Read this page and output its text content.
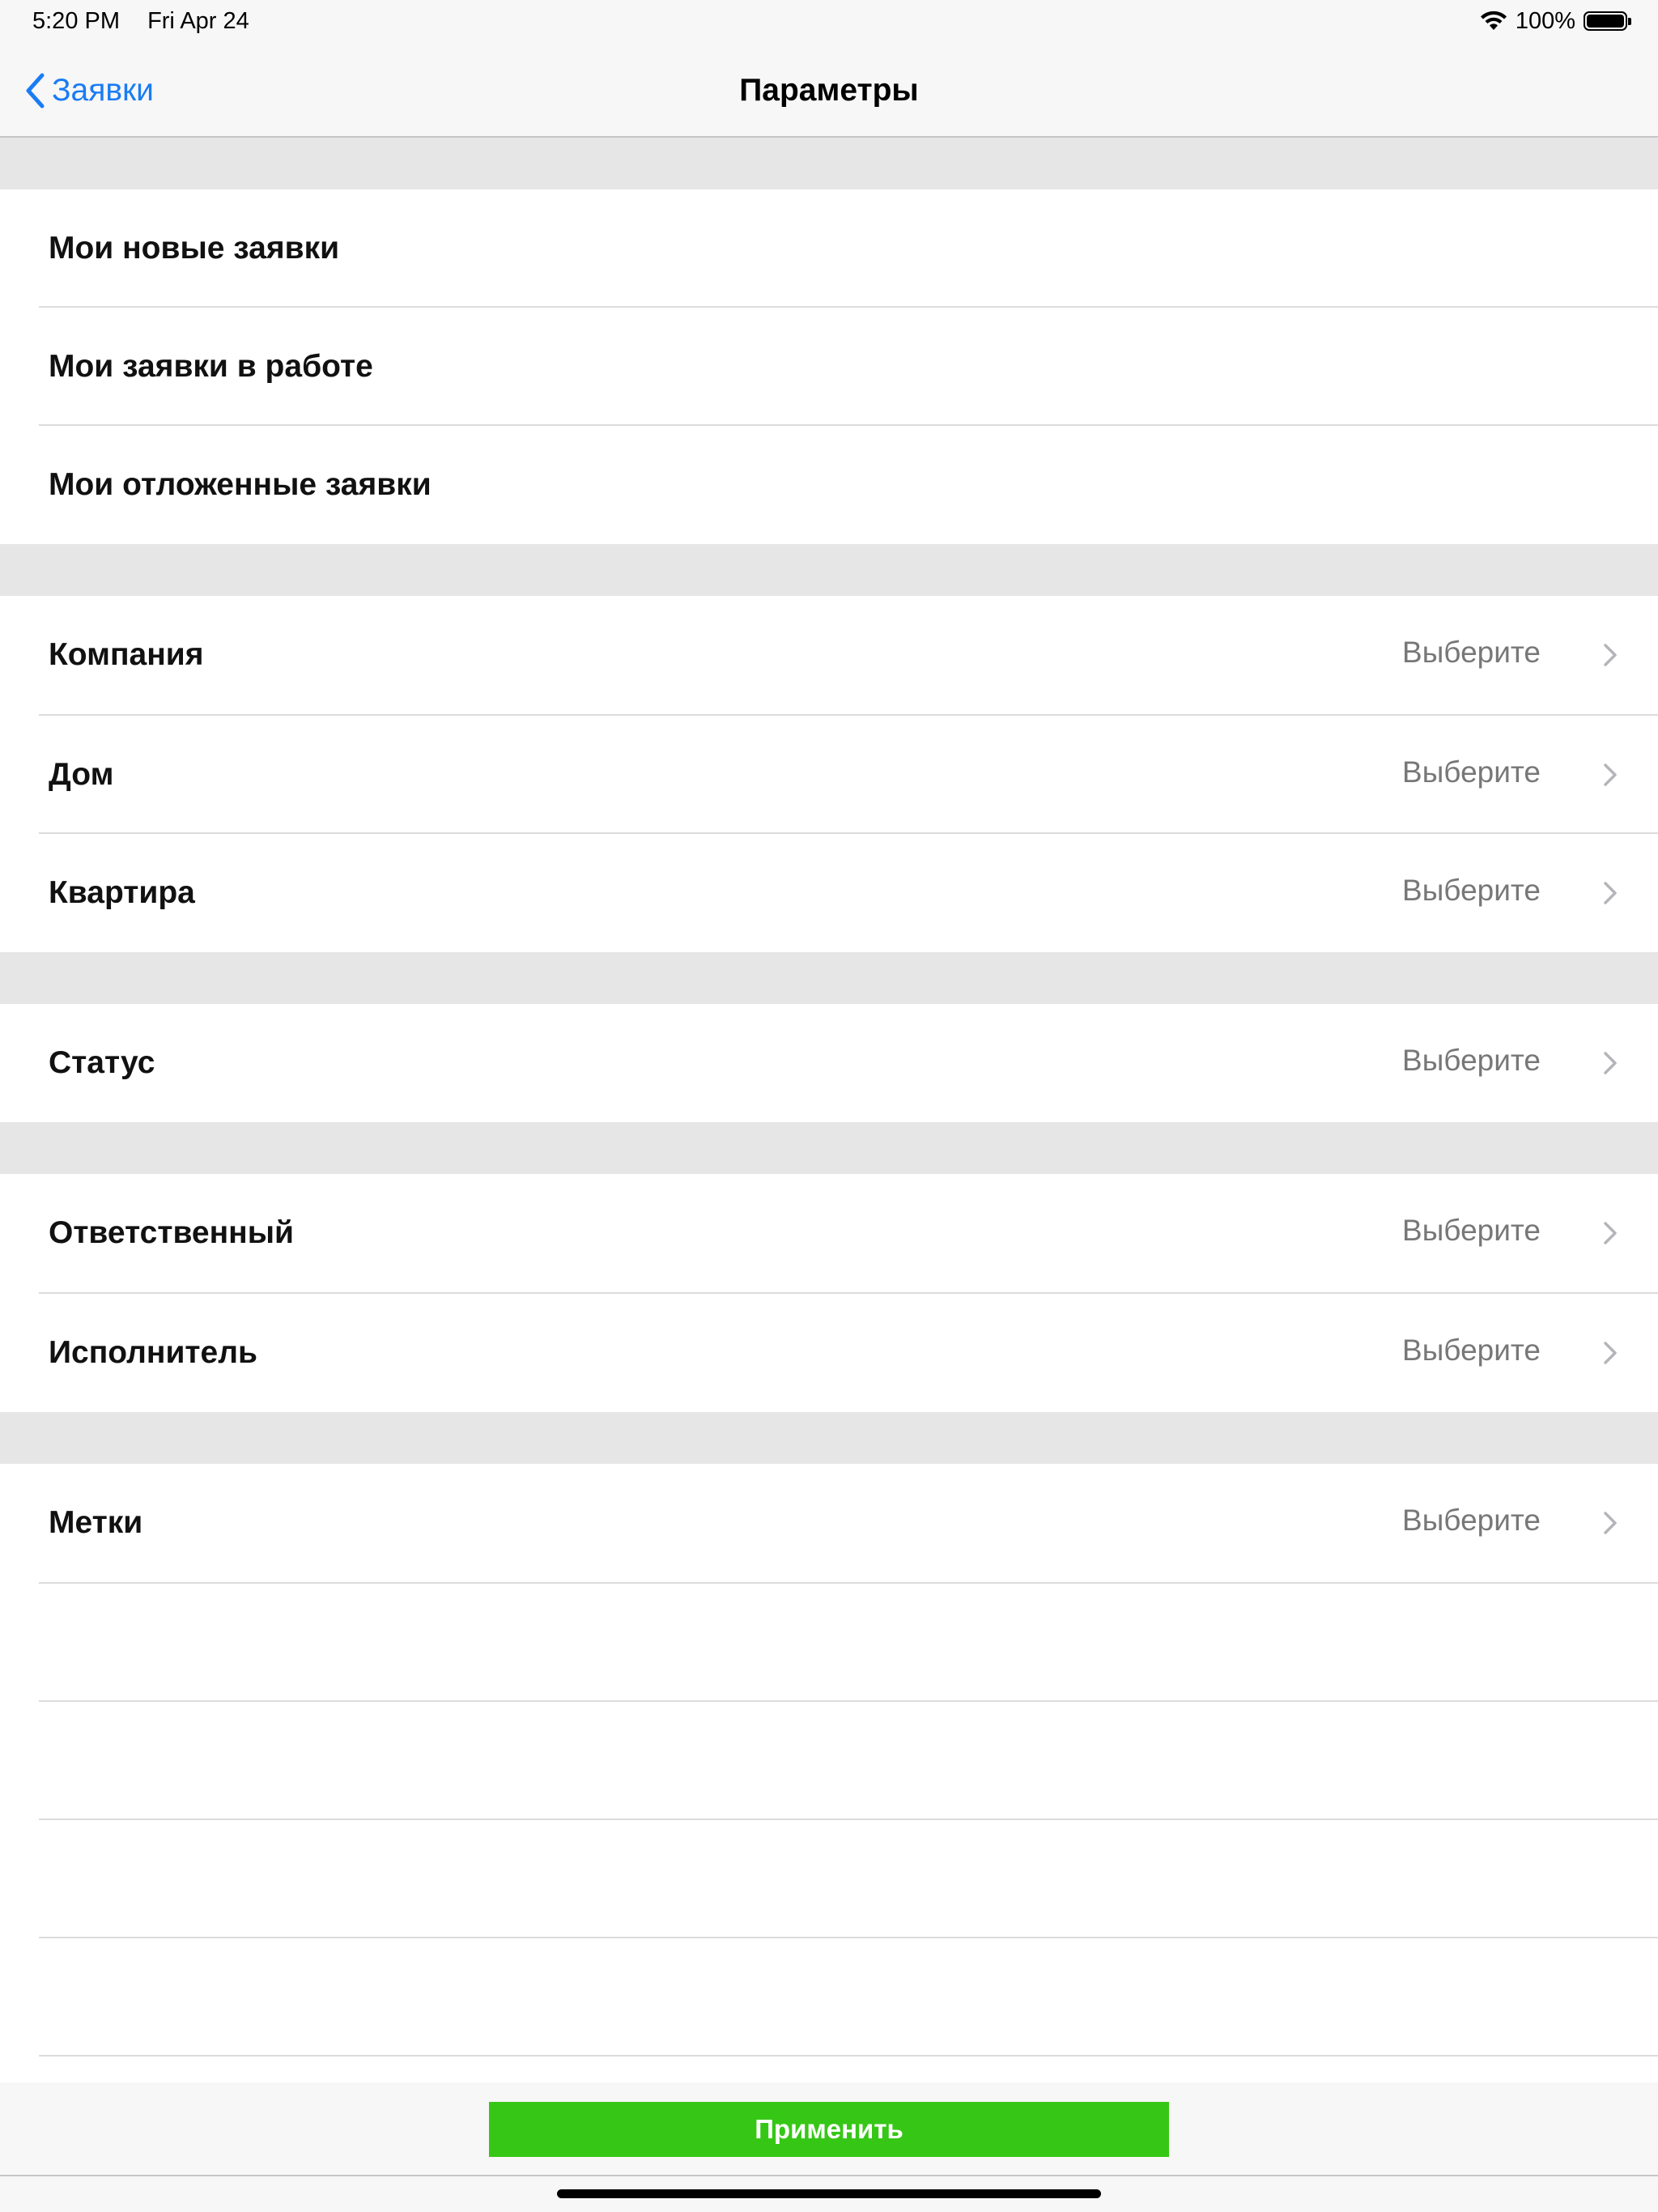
5:20 PM Fri Apr 24	100%
Заявки	Параметры
Мои новые заявки
Мои заявки в работе
Мои отложенные заявки
Компания	Выберите
Дом	Выберите
Квартира	Выберите
Статус	Выберите
Ответственный	Выберите
Исполнитель	Выберите
Метки	Выберите
Применить
